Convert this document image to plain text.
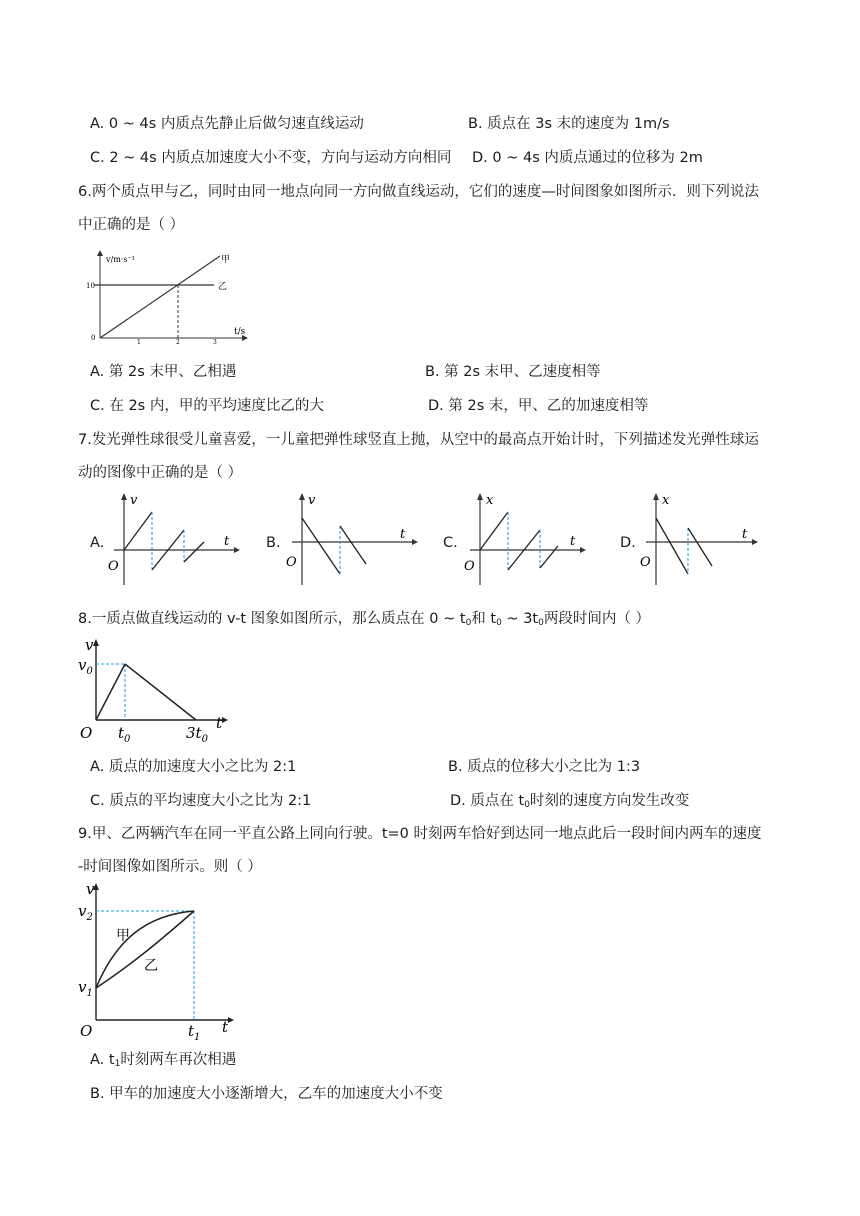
A. 0 ~ 4s 内质点先静止后做匀速直线运动	B. 质点在 3s 末的速度为 1m/s
C. 2 ~ 4s 内质点加速度大小不变，方向与运动方向相同 D. 0 ~ 4s 内质点通过的位移为 2m
6.两个质点甲与乙，同时由同一地点向同一方向做直线运动，它们的速度—时间图象如图所示．则下列说法
中正确的是（ ）
v/m·s⁻¹
10
0
1	2	3
t/s
甲
乙
A. 第 2s 末甲、乙相遇	B. 第 2s 末甲、乙速度相等
C. 在 2s 内，甲的平均速度比乙的大	D. 第 2s 末，甲、乙的加速度相等
7.发光弹性球很受儿童喜爱，一儿童把弹性球竖直上抛，从空中的最高点开始计时，下列描述发光弹性球运
动的图像中正确的是（ ）
A.
v
t
O
B.
v
t
O
C.
x
t
O
D.
x
t
O
8.一质点做直线运动的 v-t 图象如图所示，那么质点在 0 ~ $t_0$和 $t_0$ ~ $3t_0$两段时间内（ ）
v
$v_0$
O $t_0$	$3t_0$
t
A. 质点的加速度大小之比为 2:1	B. 质点的位移大小之比为 1:3
C. 质点的平均速度大小之比为 2:1	D. 质点在 $t_0$时刻的速度方向发生改变
9.甲、乙两辆汽车在同一平直公路上同向行驶。t=0 时刻两车恰好到达同一地点此后一段时间内两车的速度
-时间图像如图所示。则（ ）
v
$v_2$
$v_1$
O	$t_1$
t
甲
乙
A. $t_1$时刻两车再次相遇
B. 甲车的加速度大小逐渐增大，乙车的加速度大小不变
